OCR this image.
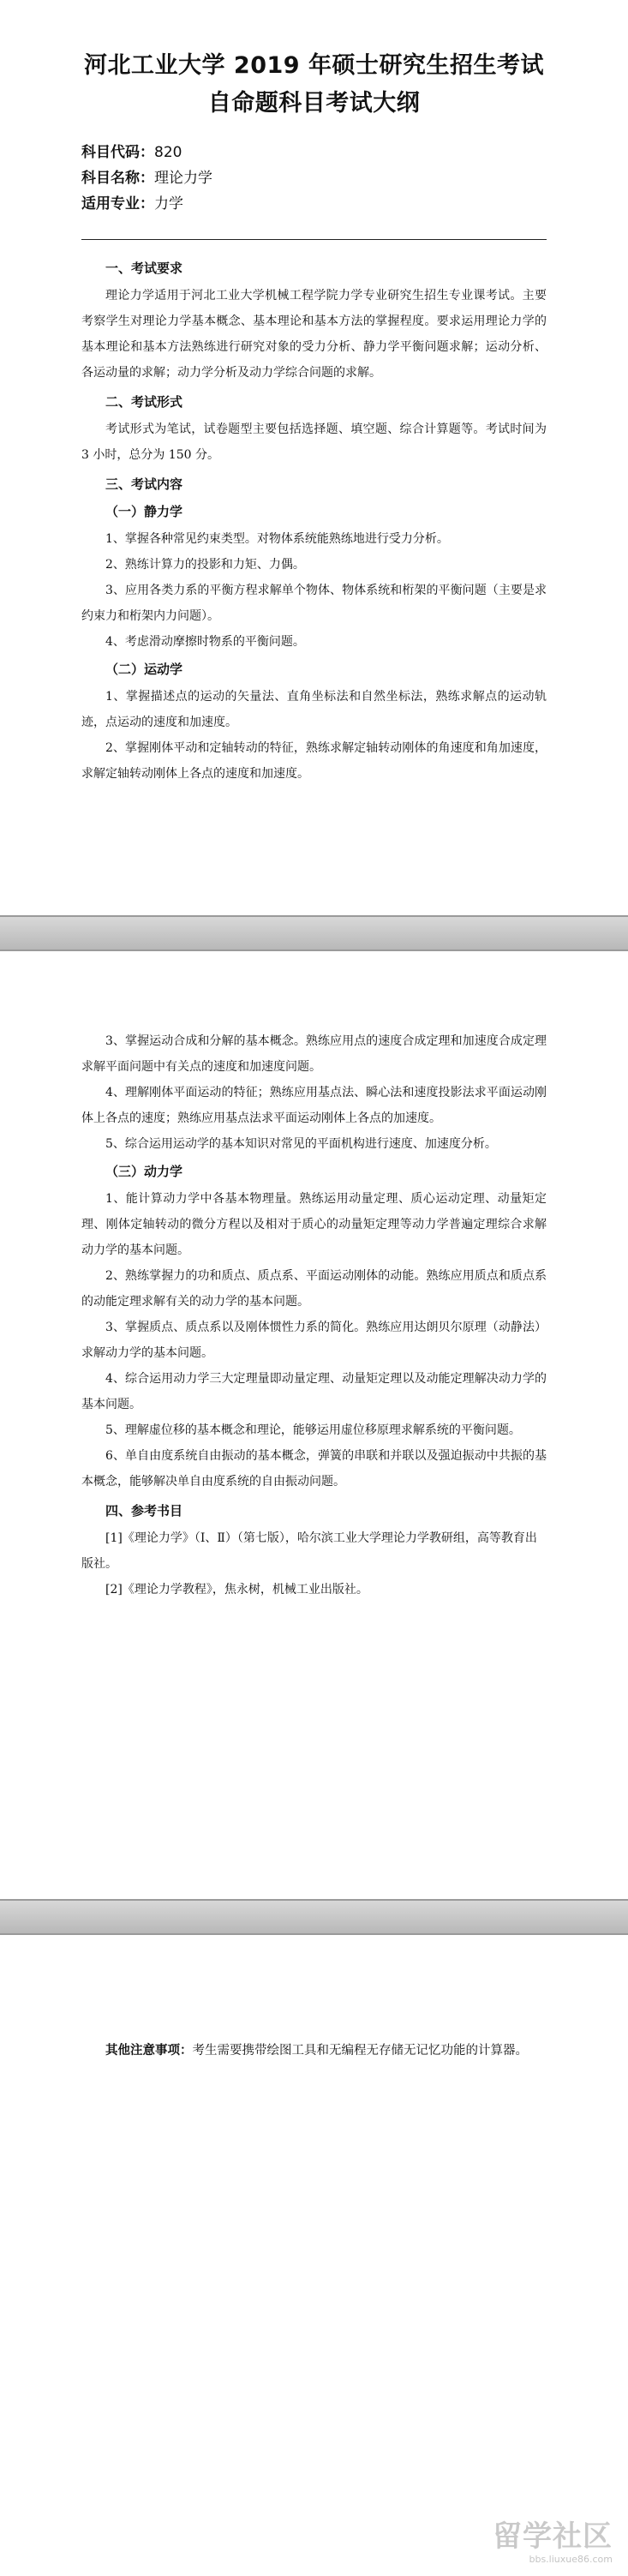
河北工业大学 2019 年硕士研究生招生考试
自命题科目考试大纲
科目代码：820
科目名称：理论力学
适用专业：力学
一、考试要求

理论力学适用于河北工业大学机械工程学院力学专业研究生招生专业课考试。主要考察学生对理论力学基本概念、基本理论和基本方法的掌握程度。要求运用理论力学的基本理论和基本方法熟练进行研究对象的受力分析、静力学平衡问题求解；运动分析、各运动量的求解；动力学分析及动力学综合问题的求解。

二、考试形式

考试形式为笔试，试卷题型主要包括选择题、填空题、综合计算题等。考试时间为 3 小时，总分为 150 分。

三、考试内容
（一）静力学

1、掌握各种常见约束类型。对物体系统能熟练地进行受力分析。

2、熟练计算力的投影和力矩、力偶。

3、应用各类力系的平衡方程求解单个物体、物体系统和桁架的平衡问题（主要是求约束力和桁架内力问题）。

4、考虑滑动摩擦时物系的平衡问题。

（二）运动学

1、掌握描述点的运动的矢量法、直角坐标法和自然坐标法，熟练求解点的运动轨迹，点运动的速度和加速度。

2、掌握刚体平动和定轴转动的特征，熟练求解定轴转动刚体的角速度和角加速度，求解定轴转动刚体上各点的速度和加速度。

3、掌握运动合成和分解的基本概念。熟练应用点的速度合成定理和加速度合成定理求解平面问题中有关点的速度和加速度问题。

4、理解刚体平面运动的特征；熟练应用基点法、瞬心法和速度投影法求平面运动刚体上各点的速度；熟练应用基点法求平面运动刚体上各点的加速度。

5、综合运用运动学的基本知识对常见的平面机构进行速度、加速度分析。

（三）动力学

1、能计算动力学中各基本物理量。熟练运用动量定理、质心运动定理、动量矩定理、刚体定轴转动的微分方程以及相对于质心的动量矩定理等动力学普遍定理综合求解动力学的基本问题。

2、熟练掌握力的功和质点、质点系、平面运动刚体的动能。熟练应用质点和质点系的动能定理求解有关的动力学的基本问题。

3、掌握质点、质点系以及刚体惯性力系的简化。熟练应用达朗贝尔原理（动静法）求解动力学的基本问题。

4、综合运用动力学三大定理量即动量定理、动量矩定理以及动能定理解决动力学的基本问题。

5、理解虚位移的基本概念和理论，能够运用虚位移原理求解系统的平衡问题。

6、单自由度系统自由振动的基本概念，弹簧的串联和并联以及强迫振动中共振的基本概念，能够解决单自由度系统的自由振动问题。

四、参考书目

[1]《理论力学》（Ⅰ、Ⅱ）（第七版），哈尔滨工业大学理论力学教研组，高等教育出版社。

[2]《理论力学教程》，焦永树，机械工业出版社。

其他注意事项：考生需要携带绘图工具和无编程无存储无记忆功能的计算器。

留学社区
bbs.liuxue86.com
